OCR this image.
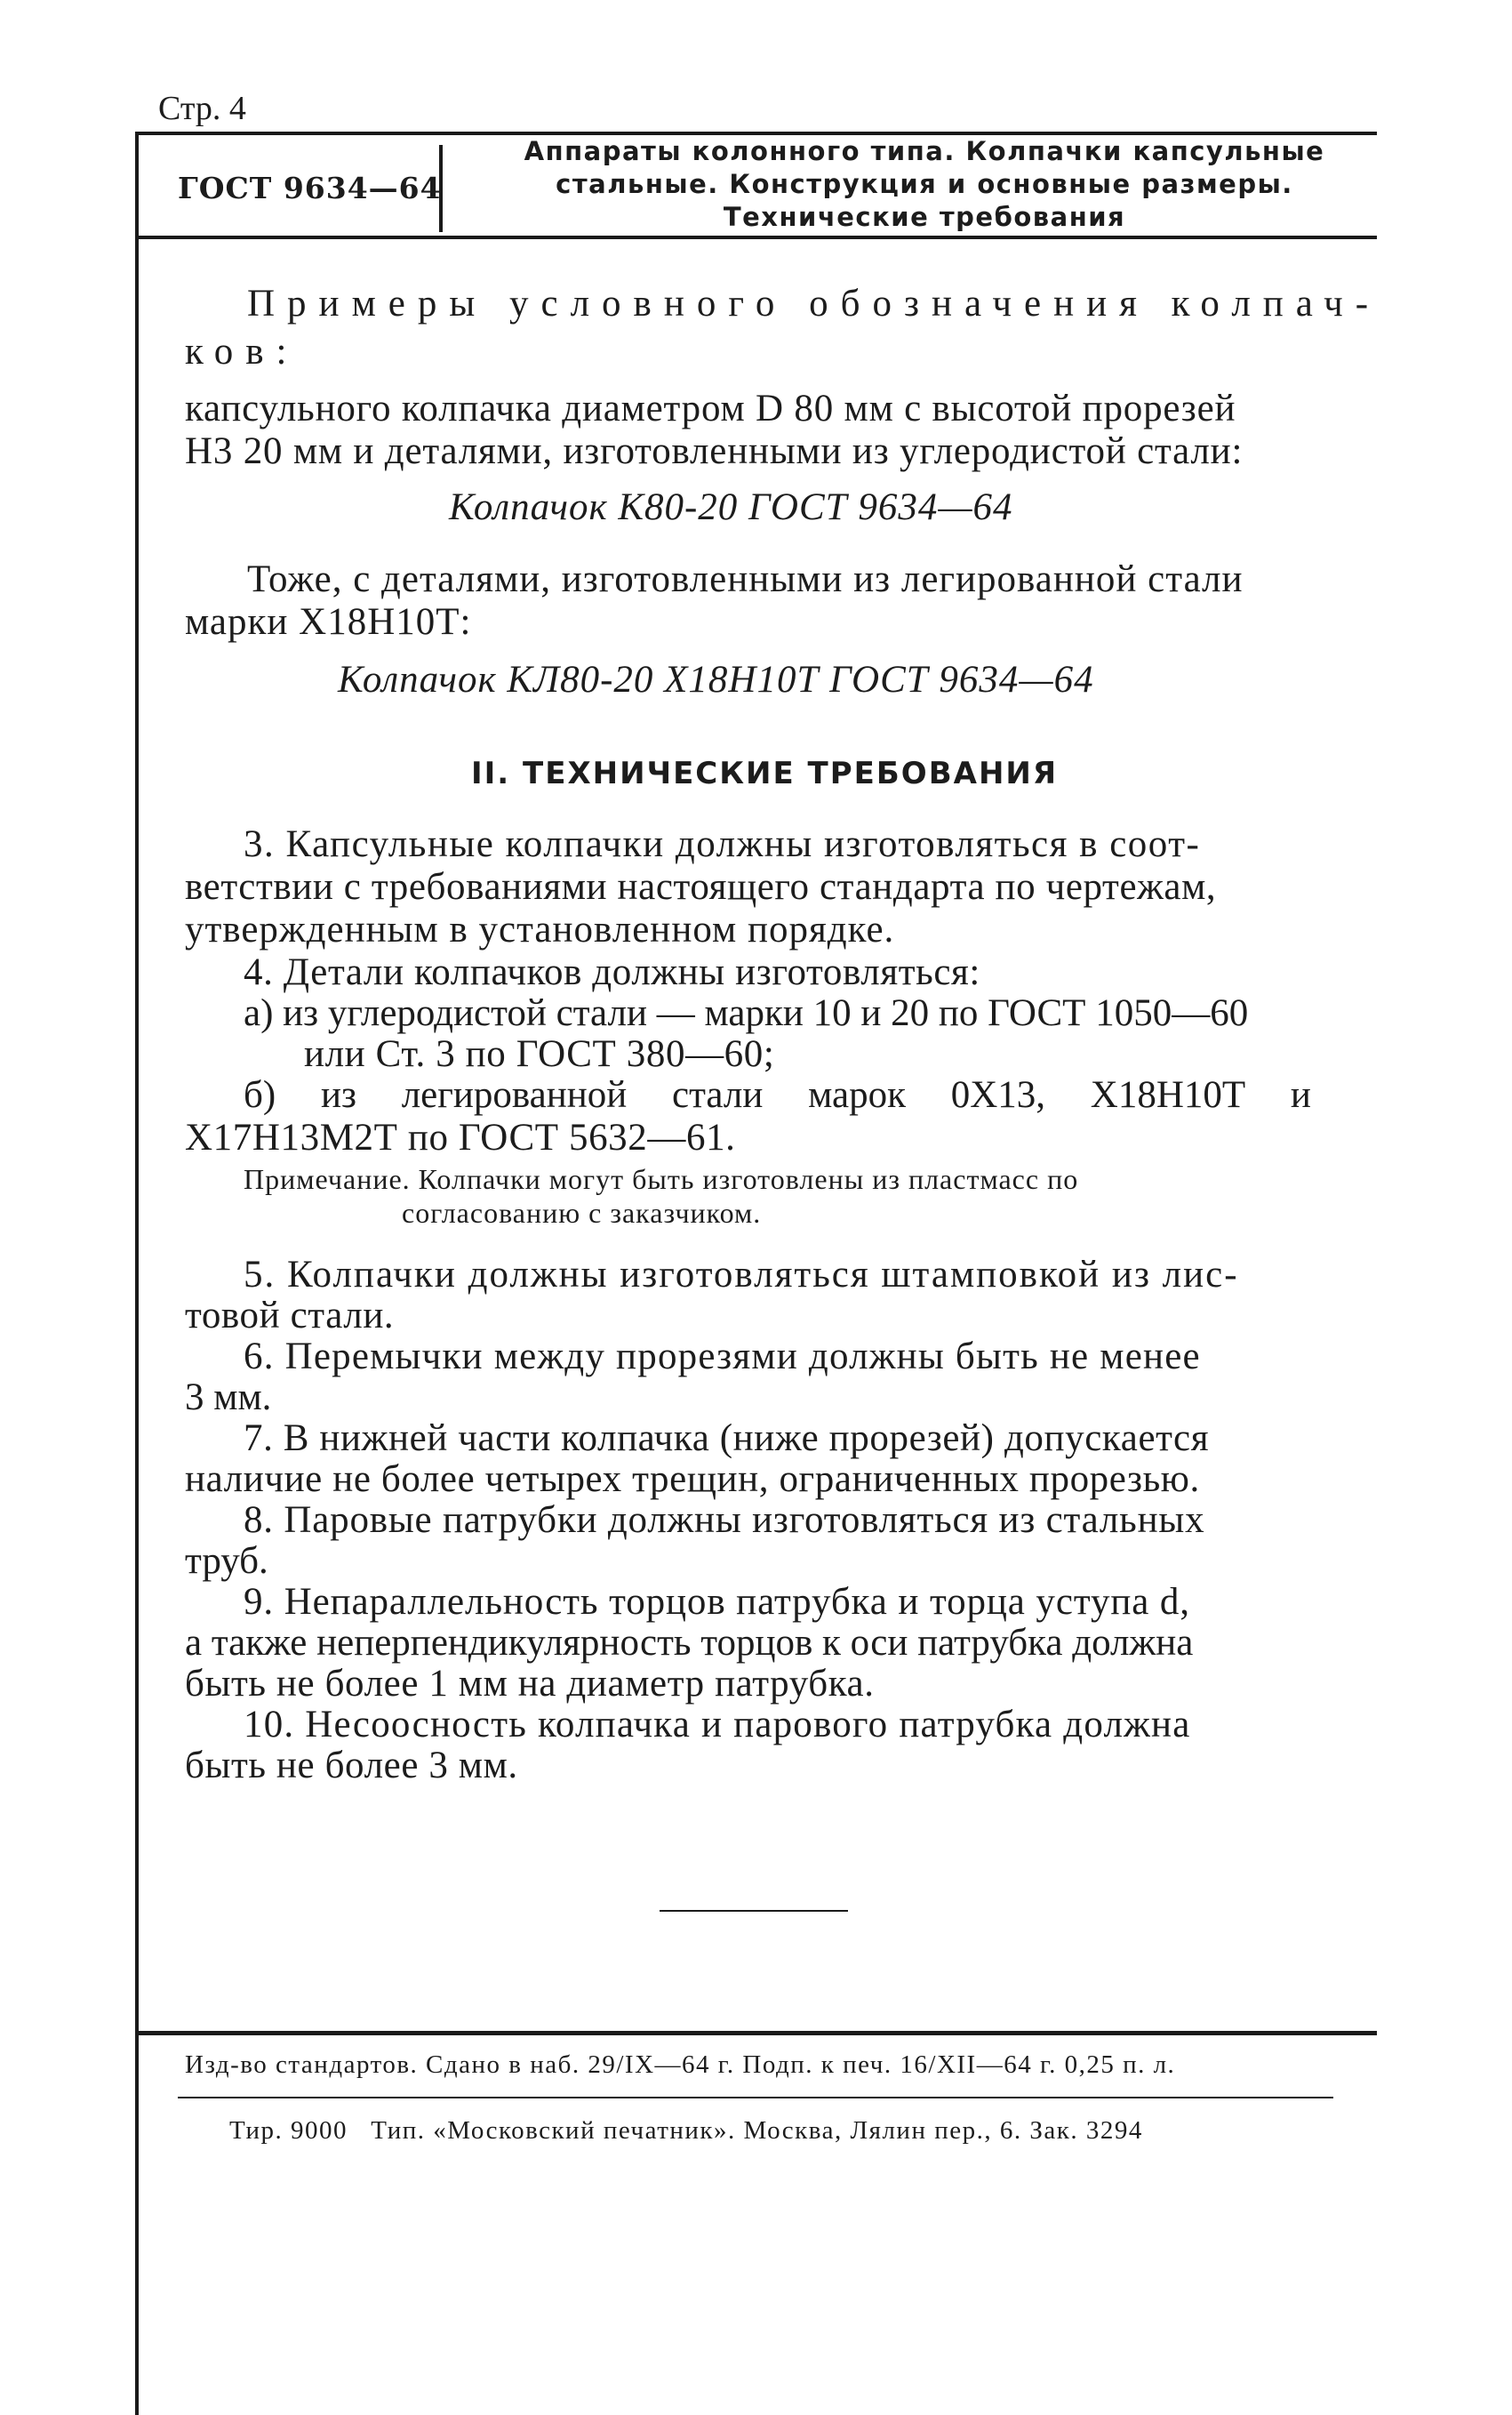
Стр. 4
ГОСТ 9634—64
Аппараты колонного типа. Колпачки капсульные стальные. Конструкция и основные размеры. Технические требования
Примеры условного обозначения колпач-
ков:
капсульного колпачка диаметром D 80 мм с высотой прорезей
Н3 20 мм и деталями, изготовленными из углеродистой стали:
Колпачок К80-20 ГОСТ 9634—64
Тоже, с деталями, изготовленными из легированной стали
марки Х18Н10Т:
Колпачок КЛ80-20 Х18Н10Т ГОСТ 9634—64
II. ТЕХНИЧЕСКИЕ ТРЕБОВАНИЯ
3. Капсульные колпачки должны изготовляться в соот-
ветствии с требованиями настоящего стандарта по чертежам,
утвержденным в установленном порядке.
4. Детали колпачков должны изготовляться:
а) из углеродистой стали — марки 10 и 20 по ГОСТ 1050—60
или Ст. 3 по ГОСТ 380—60;
б) из легированной стали марок 0Х13, Х18Н10Т и
Х17Н13М2Т по ГОСТ 5632—61.
Примечание. Колпачки могут быть изготовлены из пластмасс по
согласованию с заказчиком.
5. Колпачки должны изготовляться штамповкой из лис-
товой стали.
6. Перемычки между прорезями должны быть не менее
3 мм.
7. В нижней части колпачка (ниже прорезей) допускается
наличие не более четырех трещин, ограниченных прорезью.
8. Паровые патрубки должны изготовляться из стальных
труб.
9. Непараллельность торцов патрубка и торца уступа d,
а также неперпендикулярность торцов к оси патрубка должна
быть не более 1 мм на диаметр патрубка.
10. Несоосность колпачка и парового патрубка должна
быть не более 3 мм.
Изд-во стандартов. Сдано в наб. 29/IX—64 г. Подп. к печ. 16/XII—64 г. 0,25 п. л.
Тир. 9000   Тип. «Московский печатник». Москва, Лялин пер., 6. Зак. 3294
